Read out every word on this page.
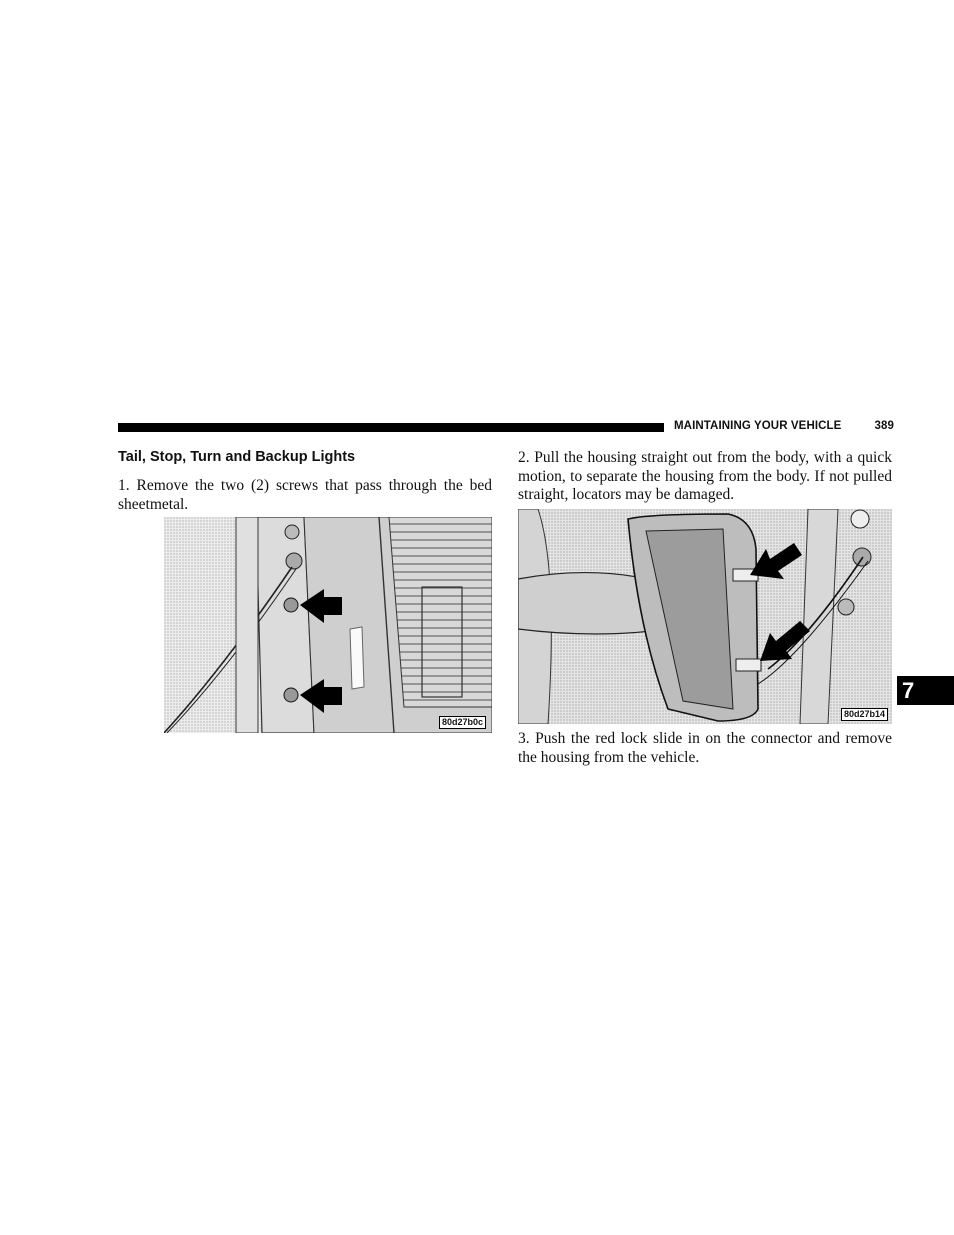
MAINTAINING YOUR VEHICLE	389
Tail, Stop, Turn and Backup Lights

1. Remove the two (2) screws that pass through the bed sheetmetal.

80d27b0c

2. Pull the housing straight out from the body, with a quick motion, to separate the housing from the body. If not pulled straight, locators may be damaged.

80d27b14

3. Push the red lock slide in on the connector and remove the housing from the vehicle.

7
